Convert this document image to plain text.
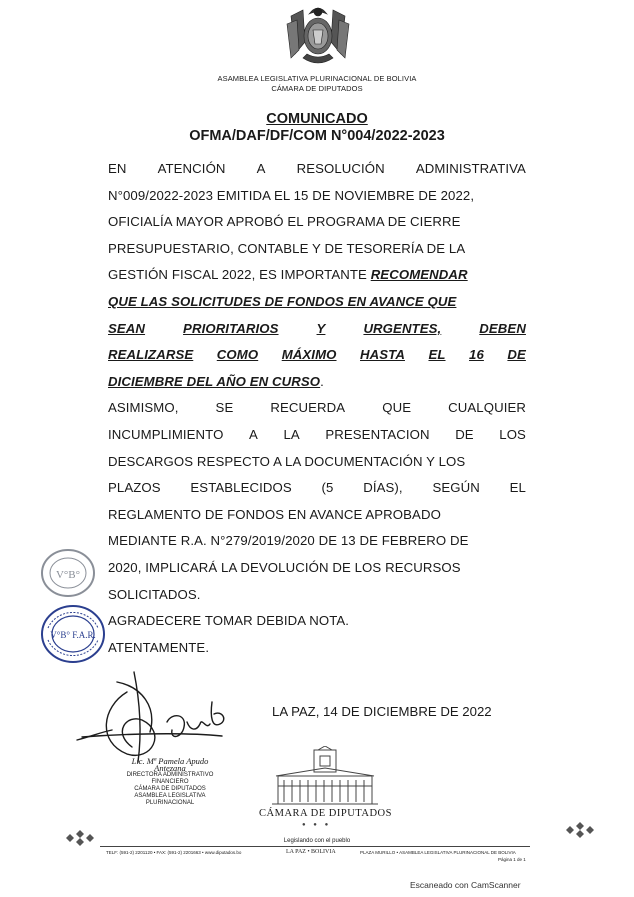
ASAMBLEA LEGISLATIVA PLURINACIONAL DE BOLIVIA
CÁMARA DE DIPUTADOS
COMUNICADO
OFMA/DAF/DF/COM N°004/2022-2023
EN ATENCIÓN A RESOLUCIÓN ADMINISTRATIVA
N°009/2022-2023 EMITIDA EL 15 DE NOVIEMBRE DE 2022,
OFICIALÍA MAYOR APROBÓ EL PROGRAMA DE CIERRE
PRESUPUESTARIO, CONTABLE Y DE TESORERÍA DE LA
GESTIÓN FISCAL 2022, ES IMPORTANTE RECOMENDAR
QUE LAS SOLICITUDES DE FONDOS EN AVANCE QUE
SEAN	PRIORITARIOS	Y	URGENTES,	DEBEN
REALIZARSE COMO MÁXIMO HASTA EL 16 DE
DICIEMBRE DEL AÑO EN CURSO.
ASIMISMO,	SE	RECUERDA	QUE	CUALQUIER
INCUMPLIMIENTO A LA PRESENTACION DE LOS
DESCARGOS RESPECTO A LA DOCUMENTACIÓN Y LOS
PLAZOS ESTABLECIDOS (5 DÍAS), SEGÚN EL
REGLAMENTO DE FONDOS EN AVANCE APROBADO
MEDIANTE R.A. N°279/2019/2020 DE 13 DE FEBRERO DE
2020, IMPLICARÁ LA DEVOLUCIÓN DE LOS RECURSOS
SOLICITADOS.
AGRADECERE TOMAR DEBIDA NOTA.
ATENTAMENTE.
V°B°
V°B° F.A.R.
LA PAZ, 14 DE DICIEMBRE DE 2022
Lic. Mª Pamela Apudo Antezana
DIRECTORA ADMINISTRATIVO FINANCIERO
CÁMARA DE DIPUTADOS
ASAMBLEA LEGISLATIVA PLURINACIONAL
CÁMARA DE DIPUTADOS
● ● ●
Legislando con el pueblo
TELF: (591-2) 2201120 • FAX: (591-2) 2201663 • www.diputados.bo	LA PAZ • BOLIVIA	PLAZA MURILLO • ASAMBLEA LEGISLATIVA PLURINACIONAL DE BOLIVIA
Página 1 de 1
Escaneado con CamScanner
